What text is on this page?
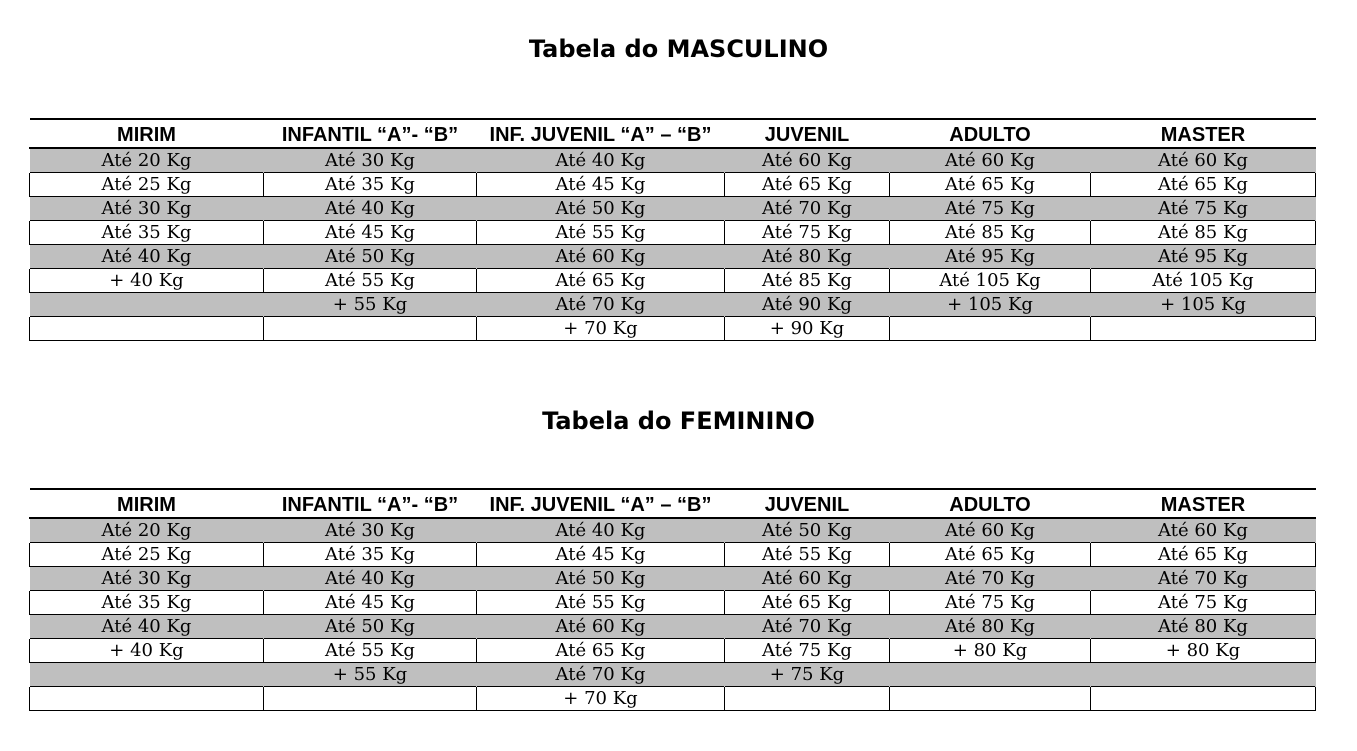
Tabela do MASCULINO
MIRIM	INFANTIL “A”- “B”	INF. JUVENIL “A” – “B”	JUVENIL	ADULTO	MASTER
Até 20 Kg	Até 30 Kg	Até 40 Kg	Até 60 Kg	Até 60 Kg	Até 60 Kg
Até 25 Kg	Até 35 Kg	Até 45 Kg	Até 65 Kg	Até 65 Kg	Até 65 Kg
Até 30 Kg	Até 40 Kg	Até 50 Kg	Até 70 Kg	Até 75 Kg	Até 75 Kg
Até 35 Kg	Até 45 Kg	Até 55 Kg	Até 75 Kg	Até 85 Kg	Até 85 Kg
Até 40 Kg	Até 50 Kg	Até 60 Kg	Até 80 Kg	Até 95 Kg	Até 95 Kg
+ 40 Kg	Até 55 Kg	Até 65 Kg	Até 85 Kg	Até 105 Kg	Até 105 Kg
	+ 55 Kg	Até 70 Kg	Até 90 Kg	+ 105 Kg	+ 105 Kg
		+ 70 Kg	+ 90 Kg		
Tabela do FEMININO
MIRIM	INFANTIL “A”- “B”	INF. JUVENIL “A” – “B”	JUVENIL	ADULTO	MASTER
Até 20 Kg	Até 30 Kg	Até 40 Kg	Até 50 Kg	Até 60 Kg	Até 60 Kg
Até 25 Kg	Até 35 Kg	Até 45 Kg	Até 55 Kg	Até 65 Kg	Até 65 Kg
Até 30 Kg	Até 40 Kg	Até 50 Kg	Até 60 Kg	Até 70 Kg	Até 70 Kg
Até 35 Kg	Até 45 Kg	Até 55 Kg	Até 65 Kg	Até 75 Kg	Até 75 Kg
Até 40 Kg	Até 50 Kg	Até 60 Kg	Até 70 Kg	Até 80 Kg	Até 80 Kg
+ 40 Kg	Até 55 Kg	Até 65 Kg	Até 75 Kg	+ 80 Kg	+ 80 Kg
	+ 55 Kg	Até 70 Kg	+ 75 Kg		
		+ 70 Kg			
